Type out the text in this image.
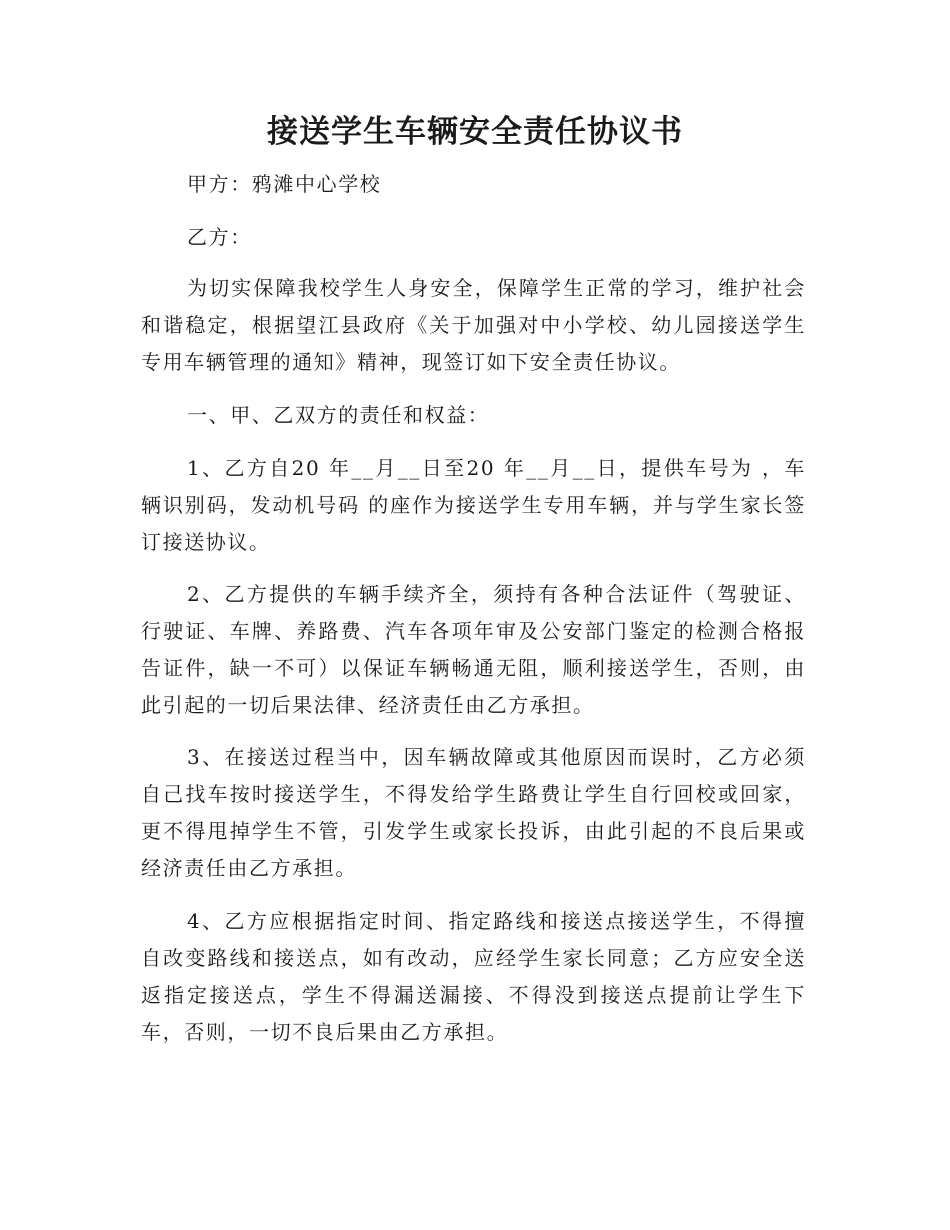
接送学生车辆安全责任协议书
甲方：鸦滩中心学校
乙方：
为切实保障我校学生人身安全，保障学生正常的学习，维护社会和谐稳定，根据望江县政府《关于加强对中小学校、幼儿园接送学生专用车辆管理的通知》精神，现签订如下安全责任协议。
一、甲、乙双方的责任和权益：
1、乙方自20 年__月__日至20 年__月__日，提供车号为 ，车辆识别码，发动机号码 的座作为接送学生专用车辆，并与学生家长签订接送协议。
2、乙方提供的车辆手续齐全，须持有各种合法证件（驾驶证、行驶证、车牌、养路费、汽车各项年审及公安部门鉴定的检测合格报告证件，缺一不可）以保证车辆畅通无阻，顺利接送学生，否则，由此引起的一切后果法律、经济责任由乙方承担。
3、在接送过程当中，因车辆故障或其他原因而误时，乙方必须自己找车按时接送学生，不得发给学生路费让学生自行回校或回家，更不得甩掉学生不管，引发学生或家长投诉，由此引起的不良后果或经济责任由乙方承担。
4、乙方应根据指定时间、指定路线和接送点接送学生，不得擅自改变路线和接送点，如有改动，应经学生家长同意；乙方应安全送返指定接送点，学生不得漏送漏接、不得没到接送点提前让学生下车，否则，一切不良后果由乙方承担。
